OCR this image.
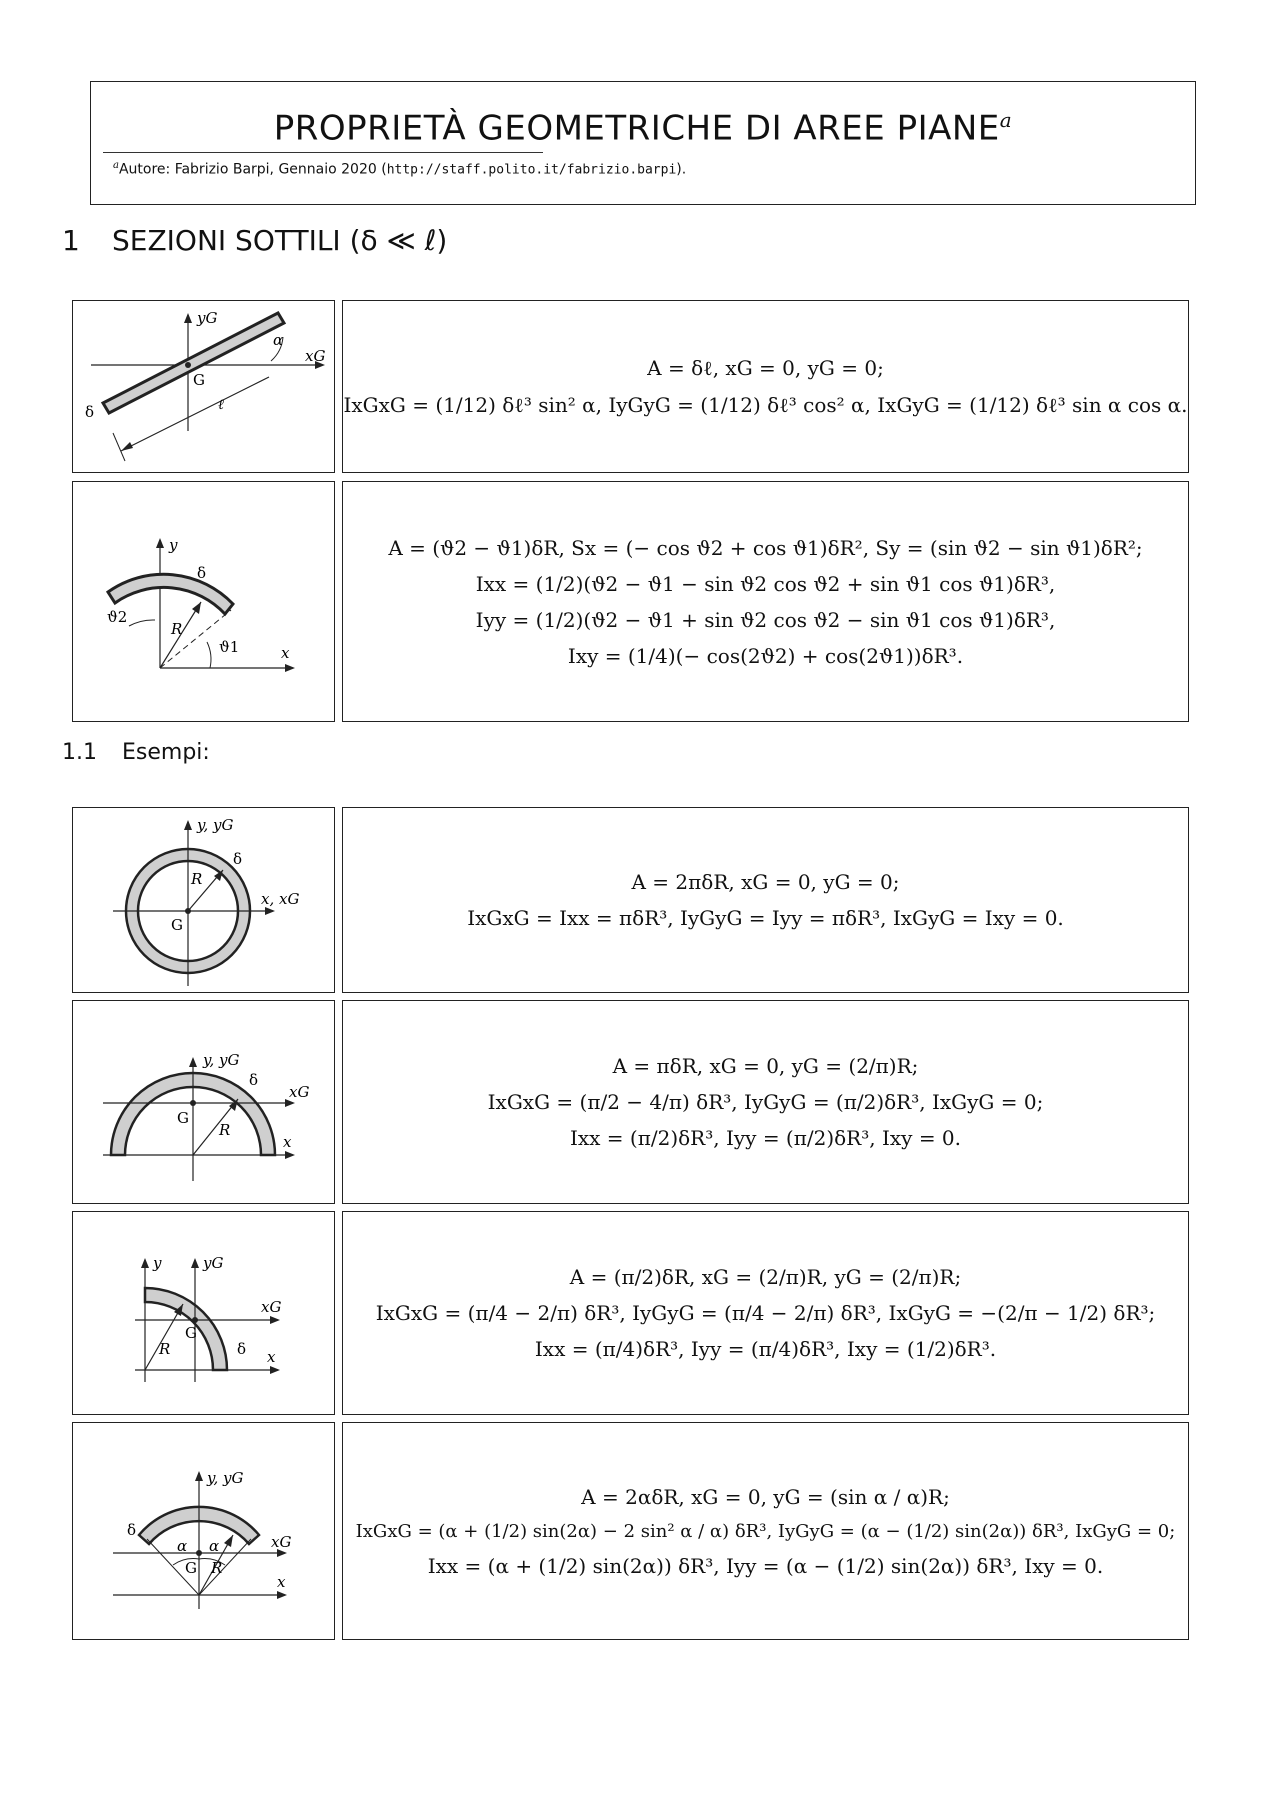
PROPRIETÀ GEOMETRICHE DI AREE PIANE$^a$
$^a$Autore: Fabrizio Barpi, Gennaio 2020 (http://staff.polito.it/fabrizio.barpi).
1 SEZIONI SOTTILI (δ ≪ ℓ)
1.1 Esempi:
yG
xG
α
G
δ	ℓ
A = δℓ, xG = 0, yG = 0;
IxGxG = (1/12) δℓ³ sin² α, IyGyG = (1/12) δℓ³ cos² α, IxGyG = (1/12) δℓ³ sin α cos α.
y
x
δ
R
ϑ2
ϑ1
A = (ϑ2 − ϑ1)δR, Sx = (− cos ϑ2 + cos ϑ1)δR², Sy = (sin ϑ2 − sin ϑ1)δR²;
Ixx = (1/2)(ϑ2 − ϑ1 − sin ϑ2 cos ϑ2 + sin ϑ1 cos ϑ1)δR³,
Iyy = (1/2)(ϑ2 − ϑ1 + sin ϑ2 cos ϑ2 − sin ϑ1 cos ϑ1)δR³,
Ixy = (1/4)(− cos(2ϑ2) + cos(2ϑ1))δR³.
y, yG
x, xG
δ
R
G
A = 2πδR, xG = 0, yG = 0;
IxGxG = Ixx = πδR³, IyGyG = Iyy = πδR³, IxGyG = Ixy = 0.
y, yG
xG
x
δ
R
G
A = πδR, xG = 0, yG = (2/π)R;
IxGxG = (π/2 − 4/π) δR³, IyGyG = (π/2)δR³, IxGyG = 0;
Ixx = (π/2)δR³, Iyy = (π/2)δR³, Ixy = 0.
y	yG
xG
x
δ
R
G
A = (π/2)δR, xG = (2/π)R, yG = (2/π)R;
IxGxG = (π/4 − 2/π) δR³, IyGyG = (π/4 − 2/π) δR³, IxGyG = −(2/π − 1/2) δR³;
Ixx = (π/4)δR³, Iyy = (π/4)δR³, Ixy = (1/2)δR³.
y, yG
xG
x
δ
α α
R
G
A = 2αδR, xG = 0, yG = (sin α / α)R;
IxGxG = (α + (1/2) sin(2α) − 2 sin² α / α) δR³, IyGyG = (α − (1/2) sin(2α)) δR³, IxGyG = 0;
Ixx = (α + (1/2) sin(2α)) δR³, Iyy = (α − (1/2) sin(2α)) δR³, Ixy = 0.
